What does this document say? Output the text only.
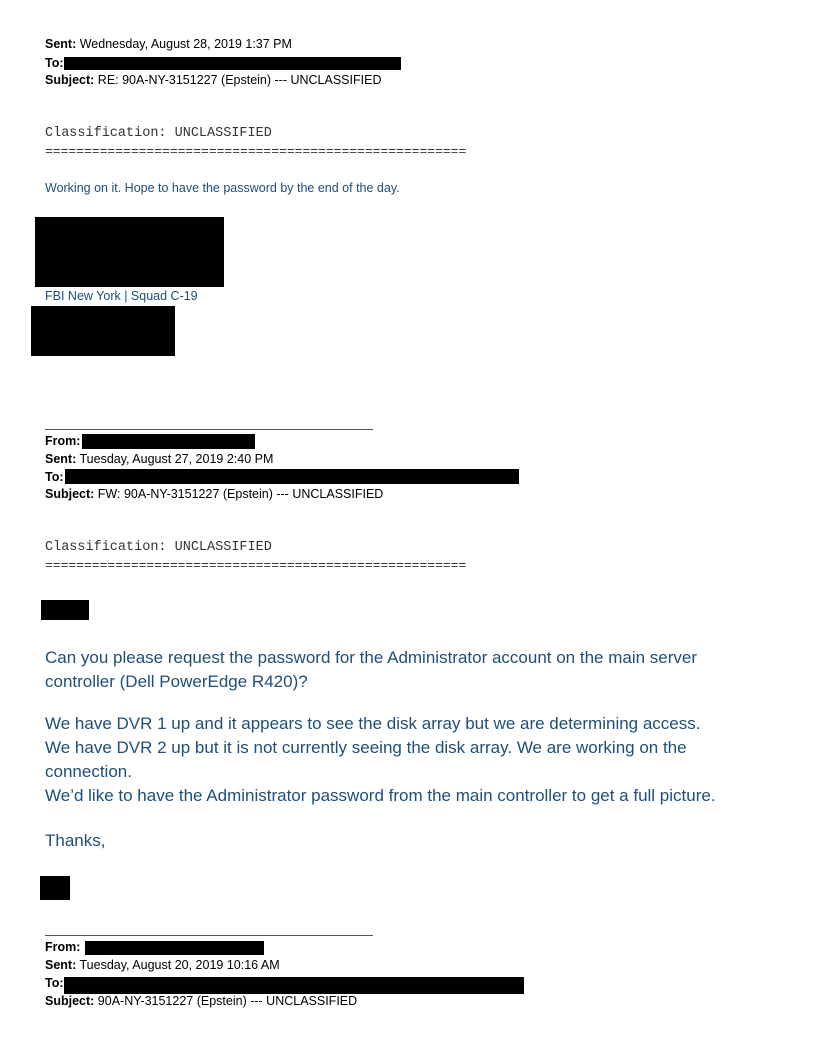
Sent: Wednesday, August 28, 2019 1:37 PM
To:
Subject: RE: 90A-NY-3151227 (Epstein) --- UNCLASSIFIED
Classification: UNCLASSIFIED
======================================================
Working on it. Hope to have the password by the end of the day.
FBI New York | Squad C-19
From:
Sent: Tuesday, August 27, 2019 2:40 PM
To:
Subject: FW: 90A-NY-3151227 (Epstein) --- UNCLASSIFIED
Classification: UNCLASSIFIED
======================================================
Can you please request the password for the Administrator account on the main server controller (Dell PowerEdge R420)?
We have DVR 1 up and it appears to see the disk array but we are determining access.
We have DVR 2 up but it is not currently seeing the disk array. We are working on the connection.
We’d like to have the Administrator password from the main controller to get a full picture.
Thanks,
From:
Sent: Tuesday, August 20, 2019 10:16 AM
To:
Subject: 90A-NY-3151227 (Epstein) --- UNCLASSIFIED
